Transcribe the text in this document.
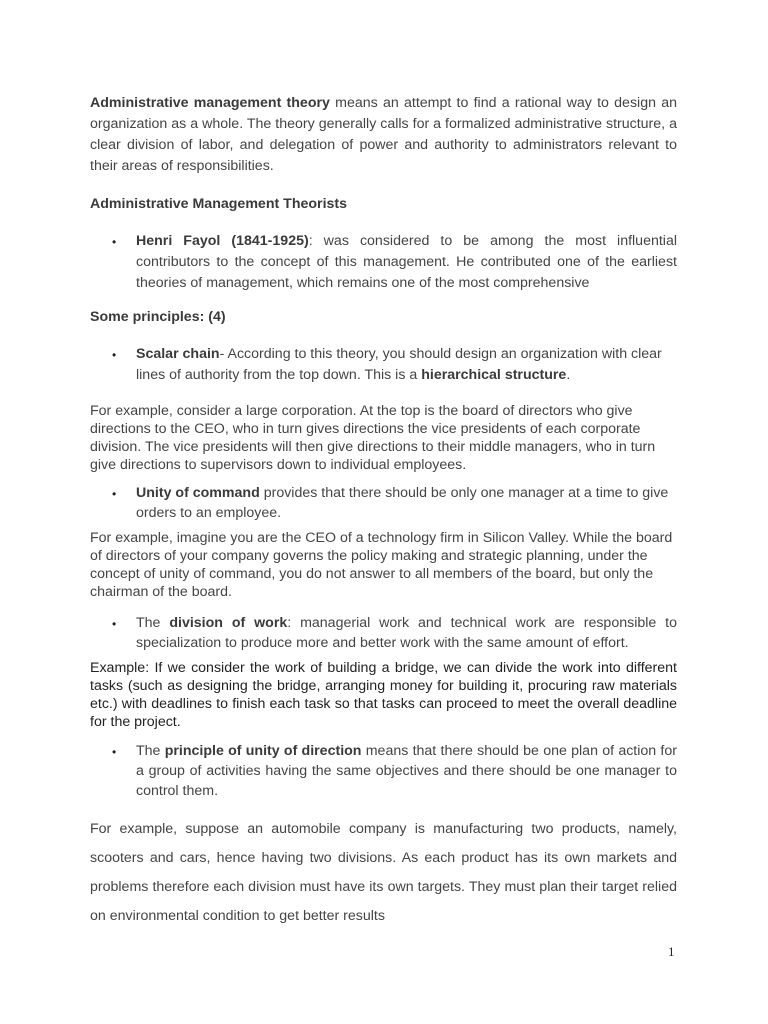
Administrative management theory means an attempt to find a rational way to design an organization as a whole. The theory generally calls for a formalized administrative structure, a clear division of labor, and delegation of power and authority to administrators relevant to their areas of responsibilities.

Administrative Management Theorists

• Henri Fayol (1841-1925): was considered to be among the most influential contributors to the concept of this management. He contributed one of the earliest theories of management, which remains one of the most comprehensive

Some principles: (4)

• Scalar chain- According to this theory, you should design an organization with clear lines of authority from the top down. This is a hierarchical structure.

For example, consider a large corporation. At the top is the board of directors who give directions to the CEO, who in turn gives directions the vice presidents of each corporate division. The vice presidents will then give directions to their middle managers, who in turn give directions to supervisors down to individual employees.

• Unity of command provides that there should be only one manager at a time to give orders to an employee.

For example, imagine you are the CEO of a technology firm in Silicon Valley. While the board of directors of your company governs the policy making and strategic planning, under the concept of unity of command, you do not answer to all members of the board, but only the chairman of the board.

• The division of work: managerial work and technical work are responsible to specialization to produce more and better work with the same amount of effort.

Example: If we consider the work of building a bridge, we can divide the work into different tasks (such as designing the bridge, arranging money for building it, procuring raw materials etc.) with deadlines to finish each task so that tasks can proceed to meet the overall deadline for the project.

• The principle of unity of direction means that there should be one plan of action for a group of activities having the same objectives and there should be one manager to control them.

For example, suppose an automobile company is manufacturing two products, namely, scooters and cars, hence having two divisions. As each product has its own markets and problems therefore each division must have its own targets. They must plan their target relied on environmental condition to get better results

1
